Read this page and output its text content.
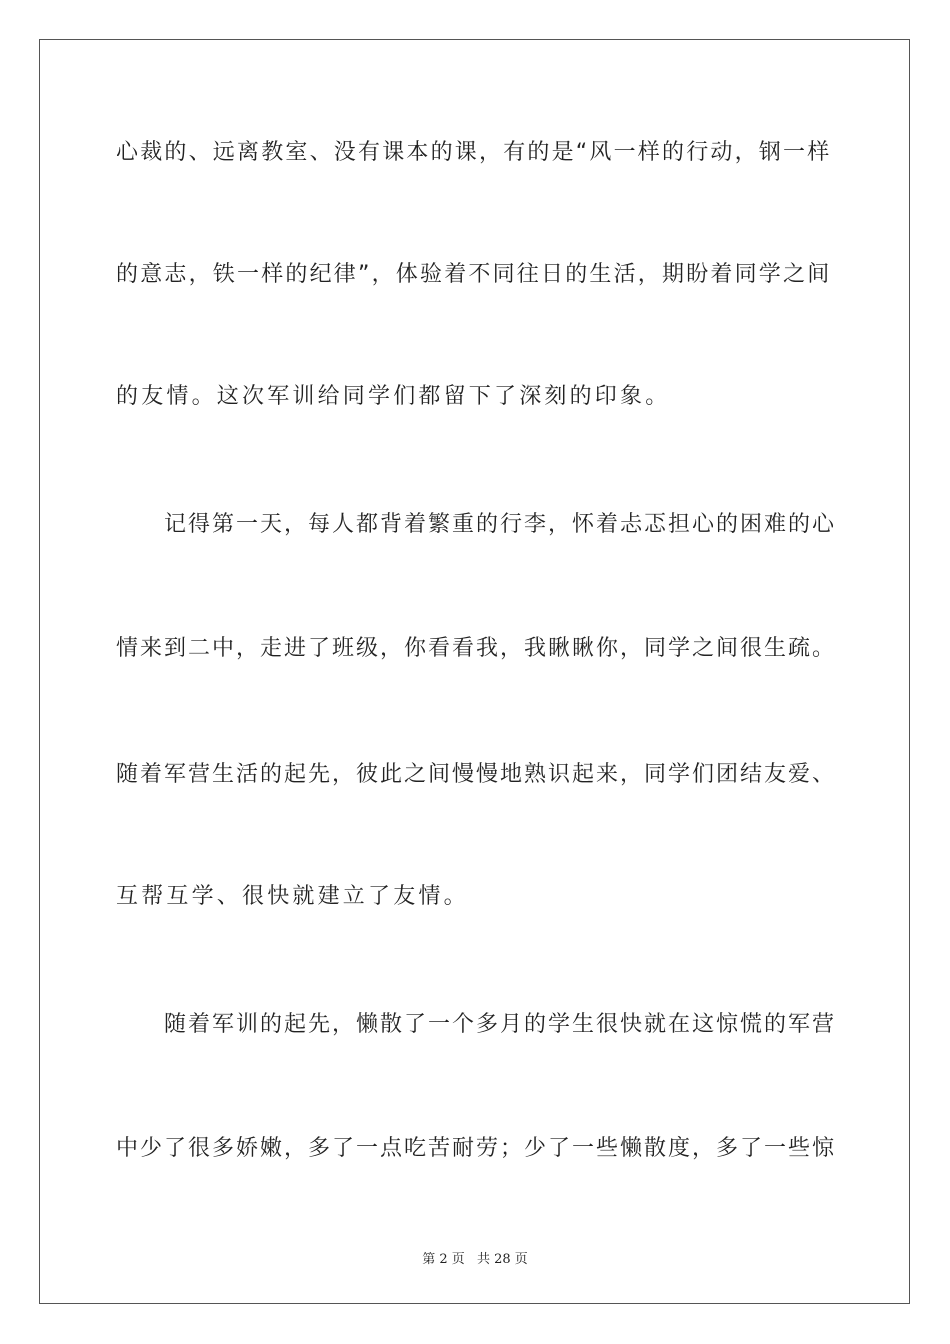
心裁的、远离教室、没有课本的课，有的是“风一样的行动，钢一样
的意志，铁一样的纪律”，体验着不同往日的生活，期盼着同学之间
的友情。这次军训给同学们都留下了深刻的印象。
记得第一天，每人都背着繁重的行李，怀着忐忑担心的困难的心
情来到二中，走进了班级，你看看我，我瞅瞅你，同学之间很生疏。
随着军营生活的起先，彼此之间慢慢地熟识起来，同学们团结友爱、
互帮互学、很快就建立了友情。
随着军训的起先，懒散了一个多月的学生很快就在这惊慌的军营
中少了很多娇嫩，多了一点吃苦耐劳；少了一些懒散度，多了一些惊
第 2 页 共 28 页
